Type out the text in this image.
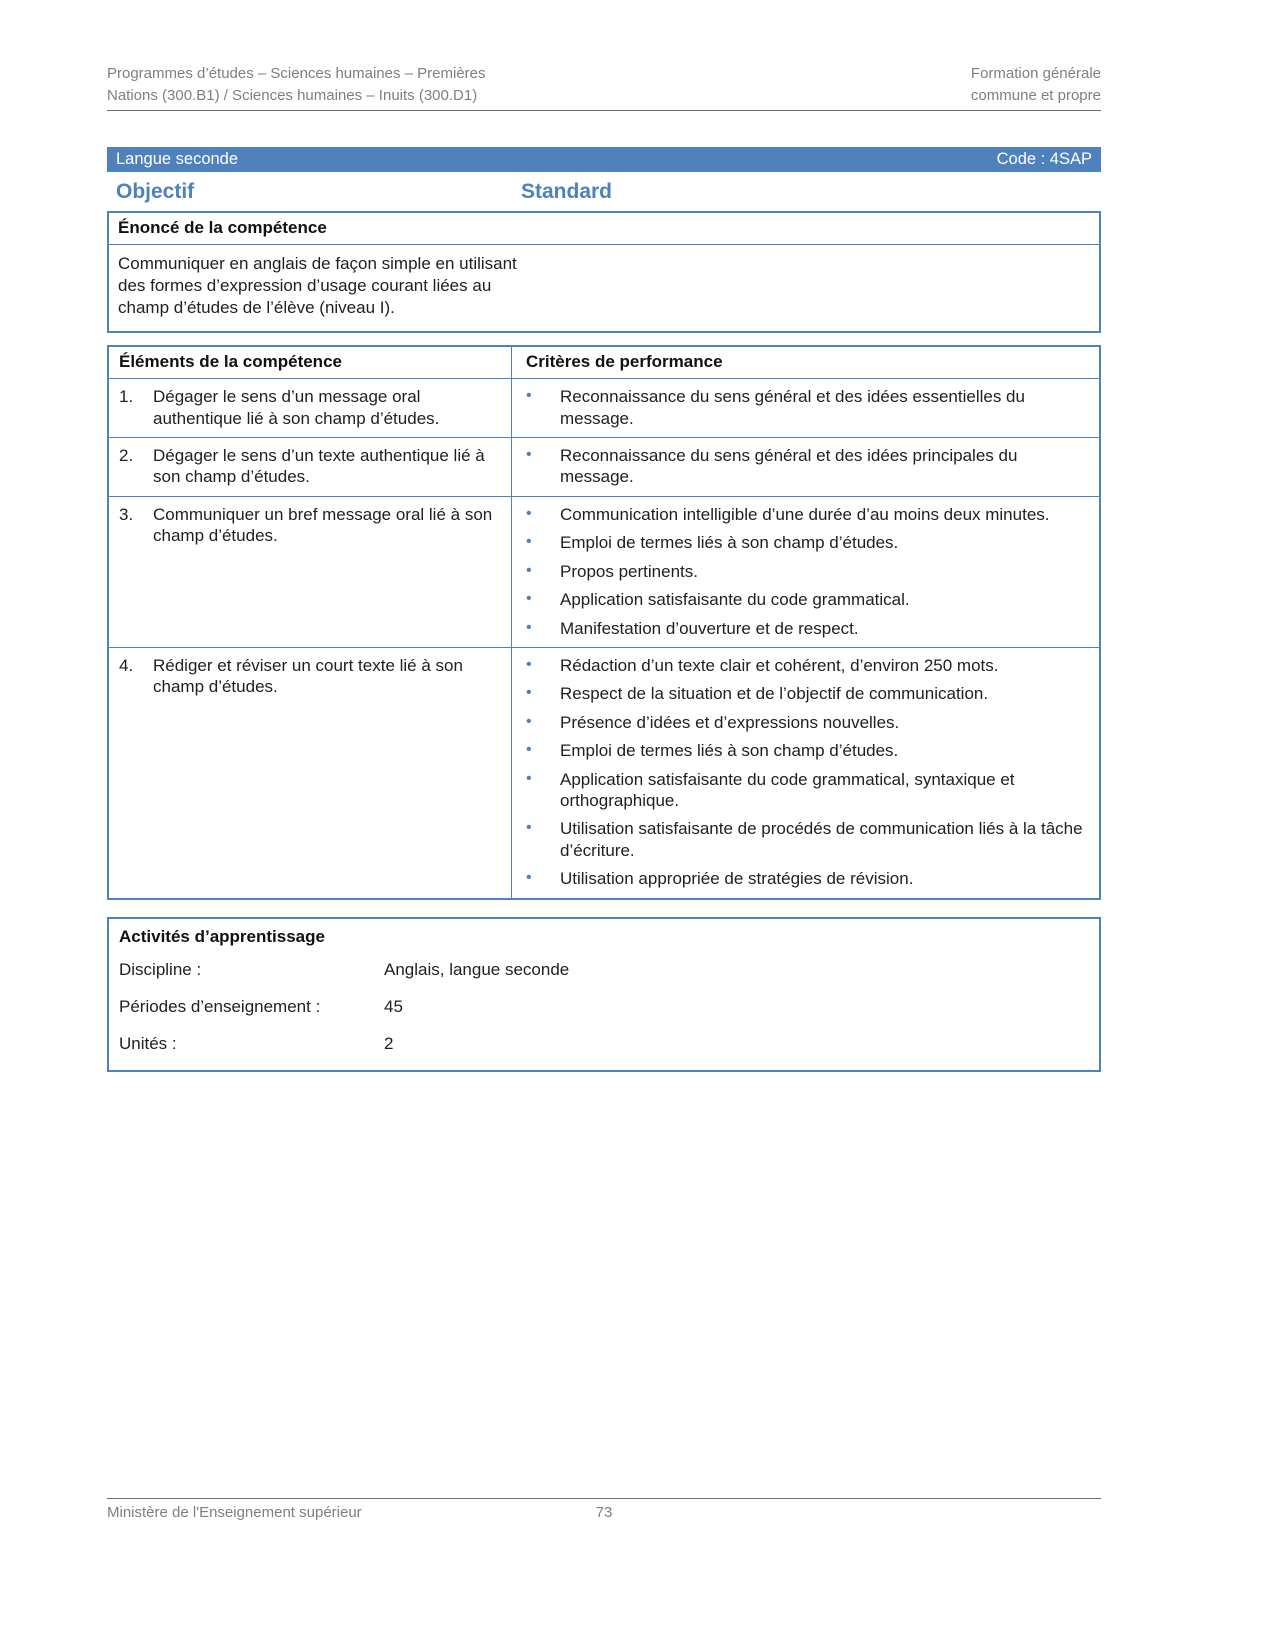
Programmes d’études – Sciences humaines – Premières
Nations (300.B1) / Sciences humaines – Inuits (300.D1)
Formation générale
commune et propre
Langue seconde	Code : 4SAP
Objectif	Standard
Énoncé de la compétence

Communiquer en anglais de façon simple en utilisant des formes d’expression d’usage courant liées au champ d’études de l’élève (niveau I).

Éléments de la compétence	Critères de performance
1.	Dégager le sens d’un message oral authentique lié à son champ d’études.
•	Reconnaissance du sens général et des idées essentielles du message.
2.	Dégager le sens d’un texte authentique lié à son champ d’études.
•	Reconnaissance du sens général et des idées principales du message.
3.	Communiquer un bref message oral lié à son champ d’études.
•	Communication intelligible d’une durée d’au moins deux minutes.
•	Emploi de termes liés à son champ d’études.
•	Propos pertinents.
•	Application satisfaisante du code grammatical.
•	Manifestation d’ouverture et de respect.
4.	Rédiger et réviser un court texte lié à son champ d’études.
•	Rédaction d’un texte clair et cohérent, d’environ 250 mots.
•	Respect de la situation et de l’objectif de communication.
•	Présence d’idées et d’expressions nouvelles.
•	Emploi de termes liés à son champ d’études.
•	Application satisfaisante du code grammatical, syntaxique et orthographique.
•	Utilisation satisfaisante de procédés de communication liés à la tâche d’écriture.
•	Utilisation appropriée de stratégies de révision.
Activités d’apprentissage
Discipline :	Anglais, langue seconde
Périodes d’enseignement :	45
Unités :	2
Ministère de l'Enseignement supérieur	73
